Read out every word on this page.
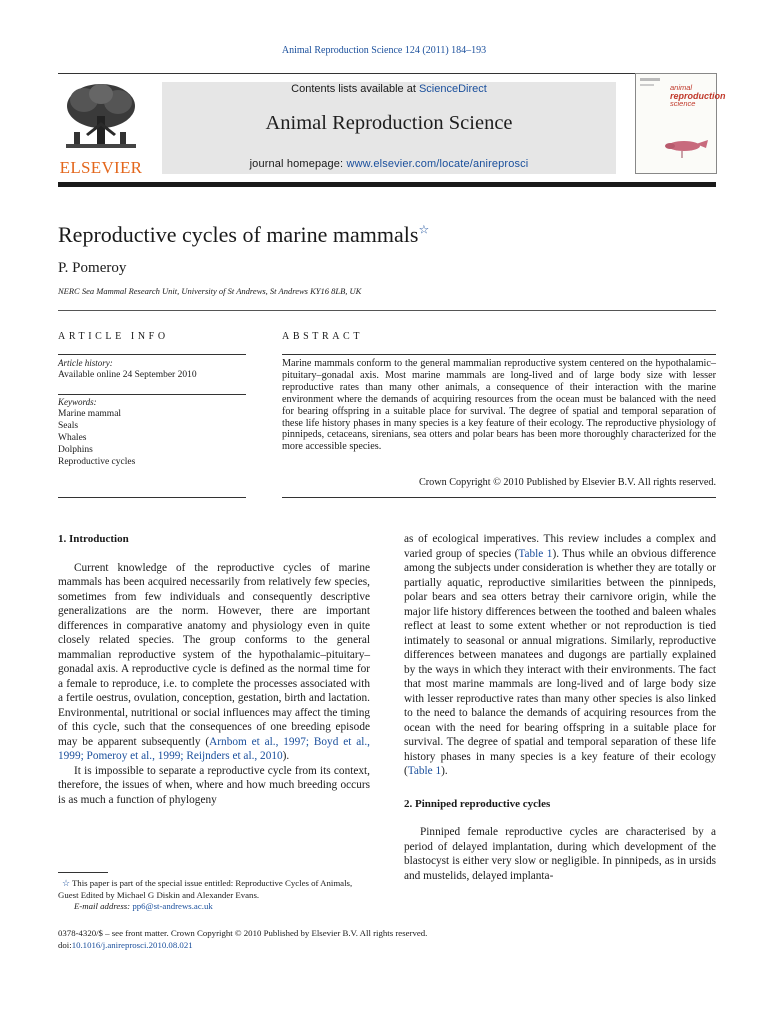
Animal Reproduction Science 124 (2011) 184–193
ELSEVIER
Contents lists available at ScienceDirect
Animal Reproduction Science
journal homepage: www.elsevier.com/locate/anireprosci
animal
reproduction
science
Reproductive cycles of marine mammals☆
P. Pomeroy
NERC Sea Mammal Research Unit, University of St Andrews, St Andrews KY16 8LB, UK
ARTICLE INFO	ABSTRACT
Article history:
Available online 24 September 2010
Keywords:
Marine mammal
Seals
Whales
Dolphins
Reproductive cycles
Marine mammals conform to the general mammalian reproductive system centered on the hypothalamic–pituitary–gonadal axis. Most marine mammals are long-lived and of large body size with lesser reproductive rates than many other animals, a consequence of their interaction with the marine environment where the demands of acquiring resources from the ocean must be balanced with the need for bearing offspring in a suitable place for survival. The degree of spatial and temporal separation of these life history phases in many species is a key feature of their ecology. The reproductive physiology of pinnipeds, cetaceans, sirenians, sea otters and polar bears has been more thoroughly characterized for the more accessible species.
Crown Copyright © 2010 Published by Elsevier B.V. All rights reserved.
1. Introduction

Current knowledge of the reproductive cycles of marine mammals has been acquired necessarily from relatively few species, sometimes from few individuals and consequently descriptive generalizations are the norm. However, there are important differences in comparative anatomy and physiology even in quite closely related species. The group conforms to the general mammalian reproductive system of the hypothalamic–pituitary–gonadal axis. A reproductive cycle is defined as the normal time for a female to reproduce, i.e. to complete the processes associated with a fertile oestrus, ovulation, conception, gestation, birth and lactation. Environmental, nutritional or social influences may affect the timing of this cycle, such that the consequences of one breeding episode may be apparent subsequently (Arnbom et al., 1997; Boyd et al., 1999; Pomeroy et al., 1999; Reijnders et al., 2010).

It is impossible to separate a reproductive cycle from its context, therefore, the issues of when, where and how much breeding occurs is as much a function of phylogeny

as of ecological imperatives. This review includes a complex and varied group of species (Table 1). Thus while an obvious difference among the subjects under consideration is whether they are totally or partially aquatic, reproductive similarities between the pinnipeds, polar bears and sea otters betray their carnivore origin, while the major life history differences between the toothed and baleen whales reflect at least to some extent whether or not reproduction is tied intimately to seasonal or annual migrations. Similarly, reproductive differences between manatees and dugongs are partially explained by the ways in which they interact with their environments. The fact that most marine mammals are long-lived and of large body size with lesser reproductive rates than many other species is also linked to the need to balance the demands of acquiring resources from the ocean with the need for bearing offspring in a suitable place for survival. The degree of spatial and temporal separation of these life history phases in many species is a key feature of their ecology (Table 1).

2. Pinniped reproductive cycles

Pinniped female reproductive cycles are characterised by a period of delayed implantation, during which development of the blastocyst is either very slow or negligible. In pinnipeds, as in ursids and mustelids, delayed implanta-

☆ This paper is part of the special issue entitled: Reproductive Cycles of Animals, Guest Edited by Michael G Diskin and Alexander Evans.
E-mail address: pp6@st-andrews.ac.uk
0378-4320/$ – see front matter. Crown Copyright © 2010 Published by Elsevier B.V. All rights reserved.
doi:10.1016/j.anireprosci.2010.08.021
